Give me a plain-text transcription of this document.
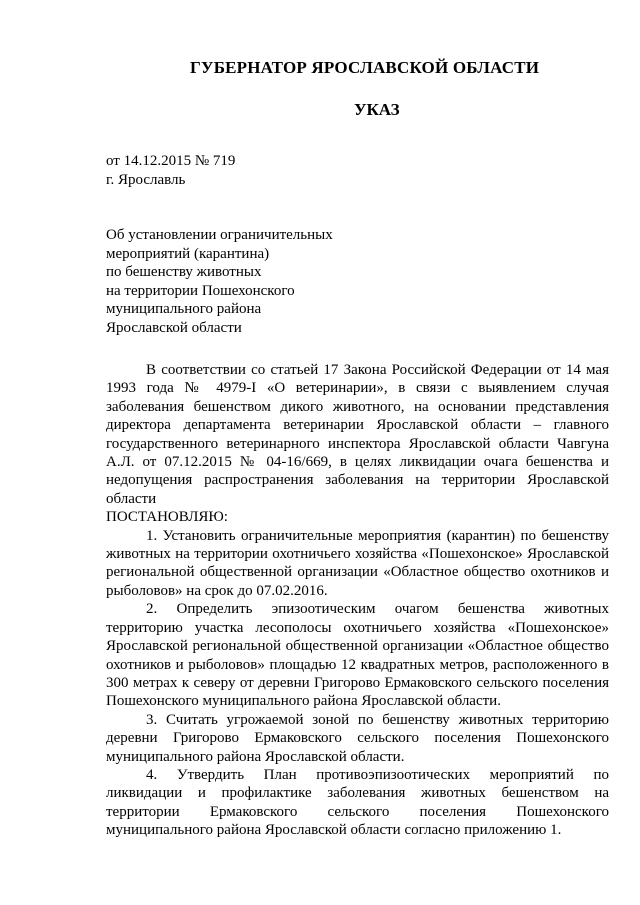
ГУБЕРНАТОР ЯРОСЛАВСКОЙ ОБЛАСТИ
УКАЗ
от 14.12.2015 № 719
г. Ярославль
Об установлении ограничительных
мероприятий (карантина)
по бешенству животных
на территории Пошехонского
муниципального района
Ярославской области

В соответствии со статьей 17 Закона Российской Федерации от 14 мая 1993 года № 4979-I «О ветеринарии», в связи с выявлением случая заболевания бешенством дикого животного, на основании представления директора департамента ветеринарии Ярославской области – главного государственного ветеринарного инспектора Ярославской области Чавгуна А.Л. от 07.12.2015 № 04-16/669, в целях ликвидации очага бешенства и недопущения распространения заболевания на территории Ярославской области

ПОСТАНОВЛЯЮ:

1. Установить ограничительные мероприятия (карантин) по бешенству животных на территории охотничьего хозяйства «Пошехонское» Ярославской региональной общественной организации «Областное общество охотников и рыболовов» на срок до 07.02.2016.

2. Определить эпизоотическим очагом бешенства животных территорию участка лесополосы охотничьего хозяйства «Пошехонское» Ярославской региональной общественной организации «Областное общество охотников и рыболовов» площадью 12 квадратных метров, расположенного в 300 метрах к северу от деревни Григорово Ермаковского сельского поселения Пошехонского муниципального района Ярославской области.

3. Считать угрожаемой зоной по бешенству животных территорию деревни Григорово Ермаковского сельского поселения Пошехонского муниципального района Ярославской области.

4. Утвердить План противоэпизоотических мероприятий по ликвидации и профилактике заболевания животных бешенством на территории Ермаковского сельского поселения Пошехонского муниципального района Ярославской области согласно приложению 1.
